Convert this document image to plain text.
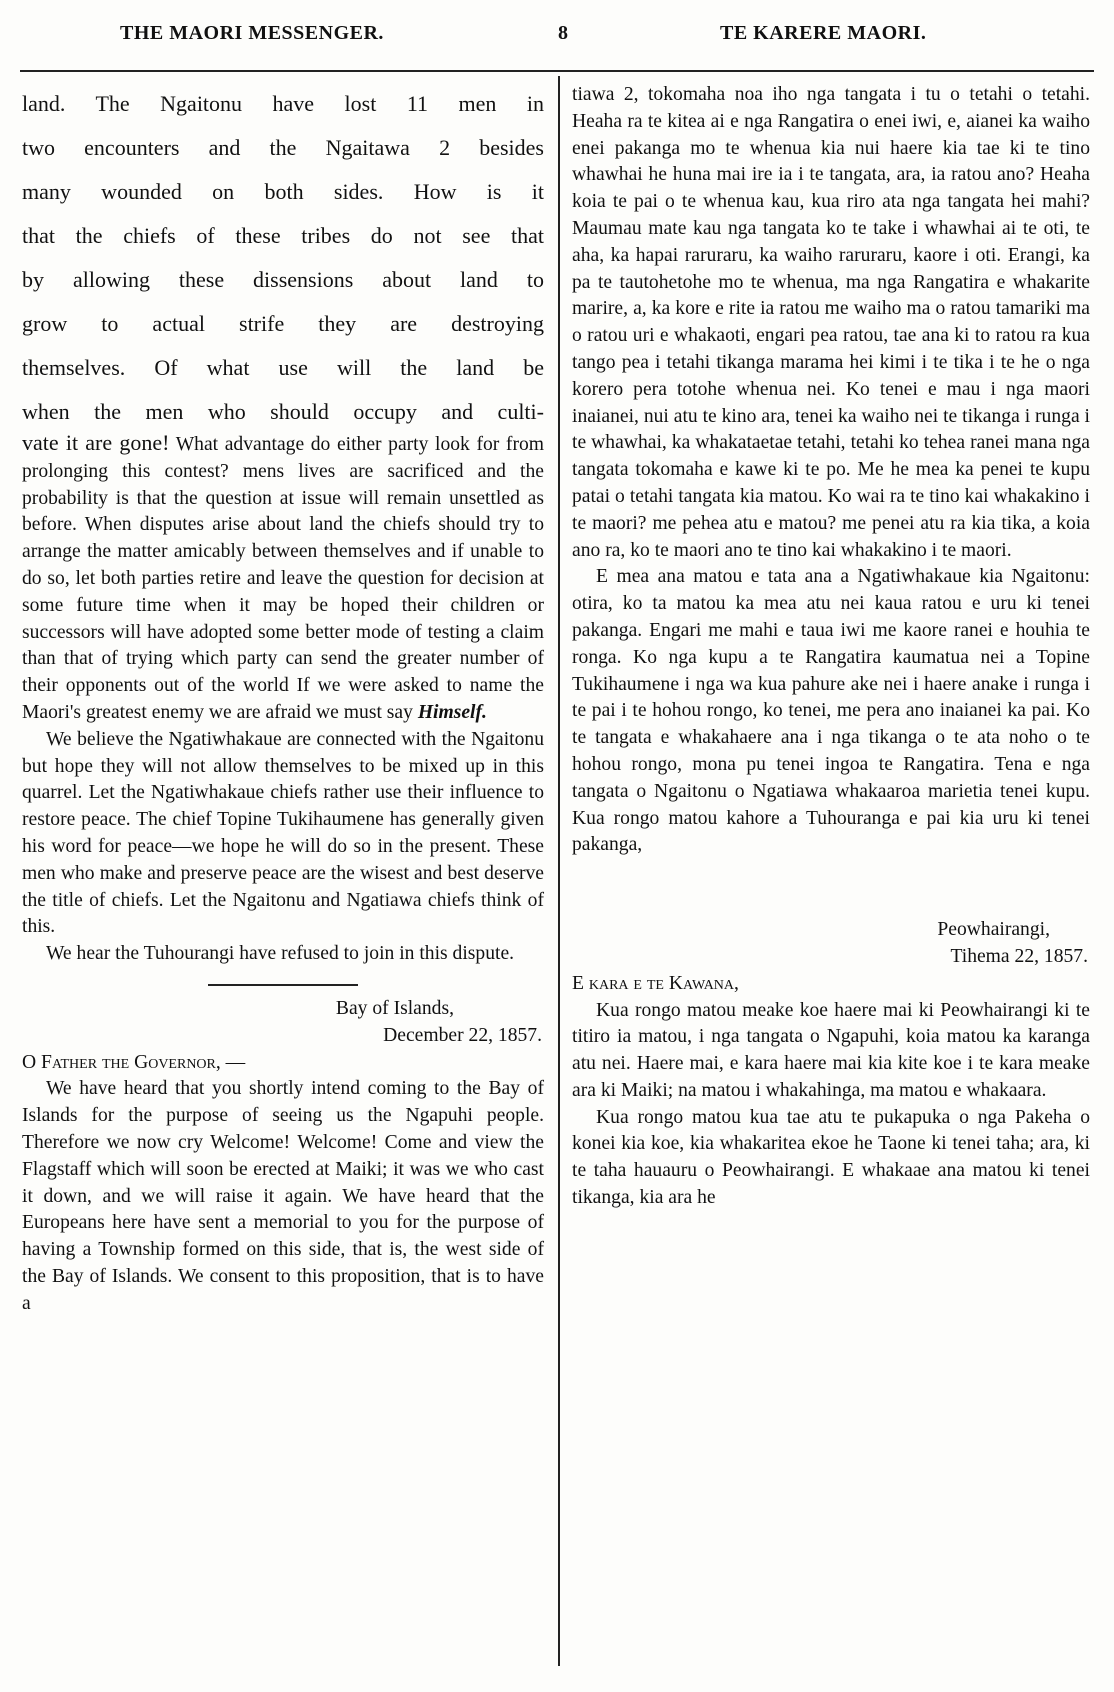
THE MAORI MESSENGER.	8	TE KARERE MAORI.
land. The Ngaitonu have lost 11 men in
two encounters and the Ngaitawa 2 besides
many wounded on both sides. How is it
that the chiefs of these tribes do not see that
by allowing these dissensions about land to
grow to actual strife they are destroying
themselves. Of what use will the land be
when the men who should occupy and culti-

vate it are gone! What advantage do either party look for from prolonging this contest? mens lives are sacrificed and the probability is that the question at issue will remain unsettled as before. When disputes arise about land the chiefs should try to arrange the matter amicably between themselves and if unable to do so, let both parties retire and leave the question for decision at some future time when it may be hoped their children or successors will have adopted some better mode of testing a claim than that of trying which party can send the greater number of their opponents out of the world If we were asked to name the Maori's greatest enemy we are afraid we must say Himself.

We believe the Ngatiwhakaue are connected with the Ngaitonu but hope they will not allow themselves to be mixed up in this quarrel. Let the Ngatiwhakaue chiefs rather use their influence to restore peace. The chief Topine Tukihaumene has generally given his word for peace—we hope he will do so in the present. These men who make and preserve peace are the wisest and best deserve the title of chiefs. Let the Ngaitonu and Ngatiawa chiefs think of this.

We hear the Tuhourangi have refused to join in this dispute.

Bay of Islands,

December 22, 1857.

O Father the Governor, —

We have heard that you shortly intend coming to the Bay of Islands for the purpose of seeing us the Ngapuhi people. Therefore we now cry Welcome! Welcome! Come and view the Flagstaff which will soon be erected at Maiki; it was we who cast it down, and we will raise it again. We have heard that the Europeans here have sent a memorial to you for the purpose of having a Township formed on this side, that is, the west side of the Bay of Islands. We consent to this proposition, that is to have a

tiawa 2, tokomaha noa iho nga tangata i tu o tetahi o tetahi. Heaha ra te kitea ai e nga Rangatira o enei iwi, e, aianei ka waiho enei pakanga mo te whenua kia nui haere kia tae ki te tino whawhai he huna mai ire ia i te tangata, ara, ia ratou ano? Heaha koia te pai o te whenua kau, kua riro ata nga tangata hei mahi? Maumau mate kau nga tangata ko te take i whawhai ai te oti, te aha, ka hapai raruraru, ka waiho raruraru, kaore i oti. Erangi, ka pa te tautohetohe mo te whenua, ma nga Rangatira e whakarite marire, a, ka kore e rite ia ratou me waiho ma o ratou tamariki ma o ratou uri e whakaoti, engari pea ratou, tae ana ki to ratou ra kua tango pea i tetahi tikanga marama hei kimi i te tika i te he o nga korero pera totohe whenua nei. Ko tenei e mau i nga maori inaianei, nui atu te kino ara, tenei ka waiho nei te tikanga i runga i te whawhai, ka whakataetae tetahi, tetahi ko tehea ranei mana nga tangata tokomaha e kawe ki te po. Me he mea ka penei te kupu patai o tetahi tangata kia matou. Ko wai ra te tino kai whakakino i te maori? me pehea atu e matou? me penei atu ra kia tika, a koia ano ra, ko te maori ano te tino kai whakakino i te maori.

E mea ana matou e tata ana a Ngatiwhakaue kia Ngaitonu: otira, ko ta matou ka mea atu nei kaua ratou e uru ki tenei pakanga. Engari me mahi e taua iwi me kaore ranei e houhia te ronga. Ko nga kupu a te Rangatira kaumatua nei a Topine Tukihaumene i nga wa kua pahure ake nei i haere anake i runga i te pai i te hohou rongo, ko tenei, me pera ano inaianei ka pai. Ko te tangata e whakahaere ana i nga tikanga o te ata noho o te hohou rongo, mona pu tenei ingoa te Rangatira. Tena e nga tangata o Ngaitonu o Ngatiawa whakaaroa marietia tenei kupu. Kua rongo matou kahore a Tuhouranga e pai kia uru ki tenei pakanga,

Peowhairangi,

Tihema 22, 1857.

E kara e te Kawana,

Kua rongo matou meake koe haere mai ki Peowhairangi ki te titiro ia matou, i nga tangata o Ngapuhi, koia matou ka karanga atu nei. Haere mai, e kara haere mai kia kite koe i te kara meake ara ki Maiki; na matou i whakahinga, ma matou e whakaara.

Kua rongo matou kua tae atu te pukapuka o nga Pakeha o konei kia koe, kia whakaritea ekoe he Taone ki tenei taha; ara, ki te taha hauauru o Peowhairangi. E whakaae ana matou ki tenei tikanga, kia ara he
